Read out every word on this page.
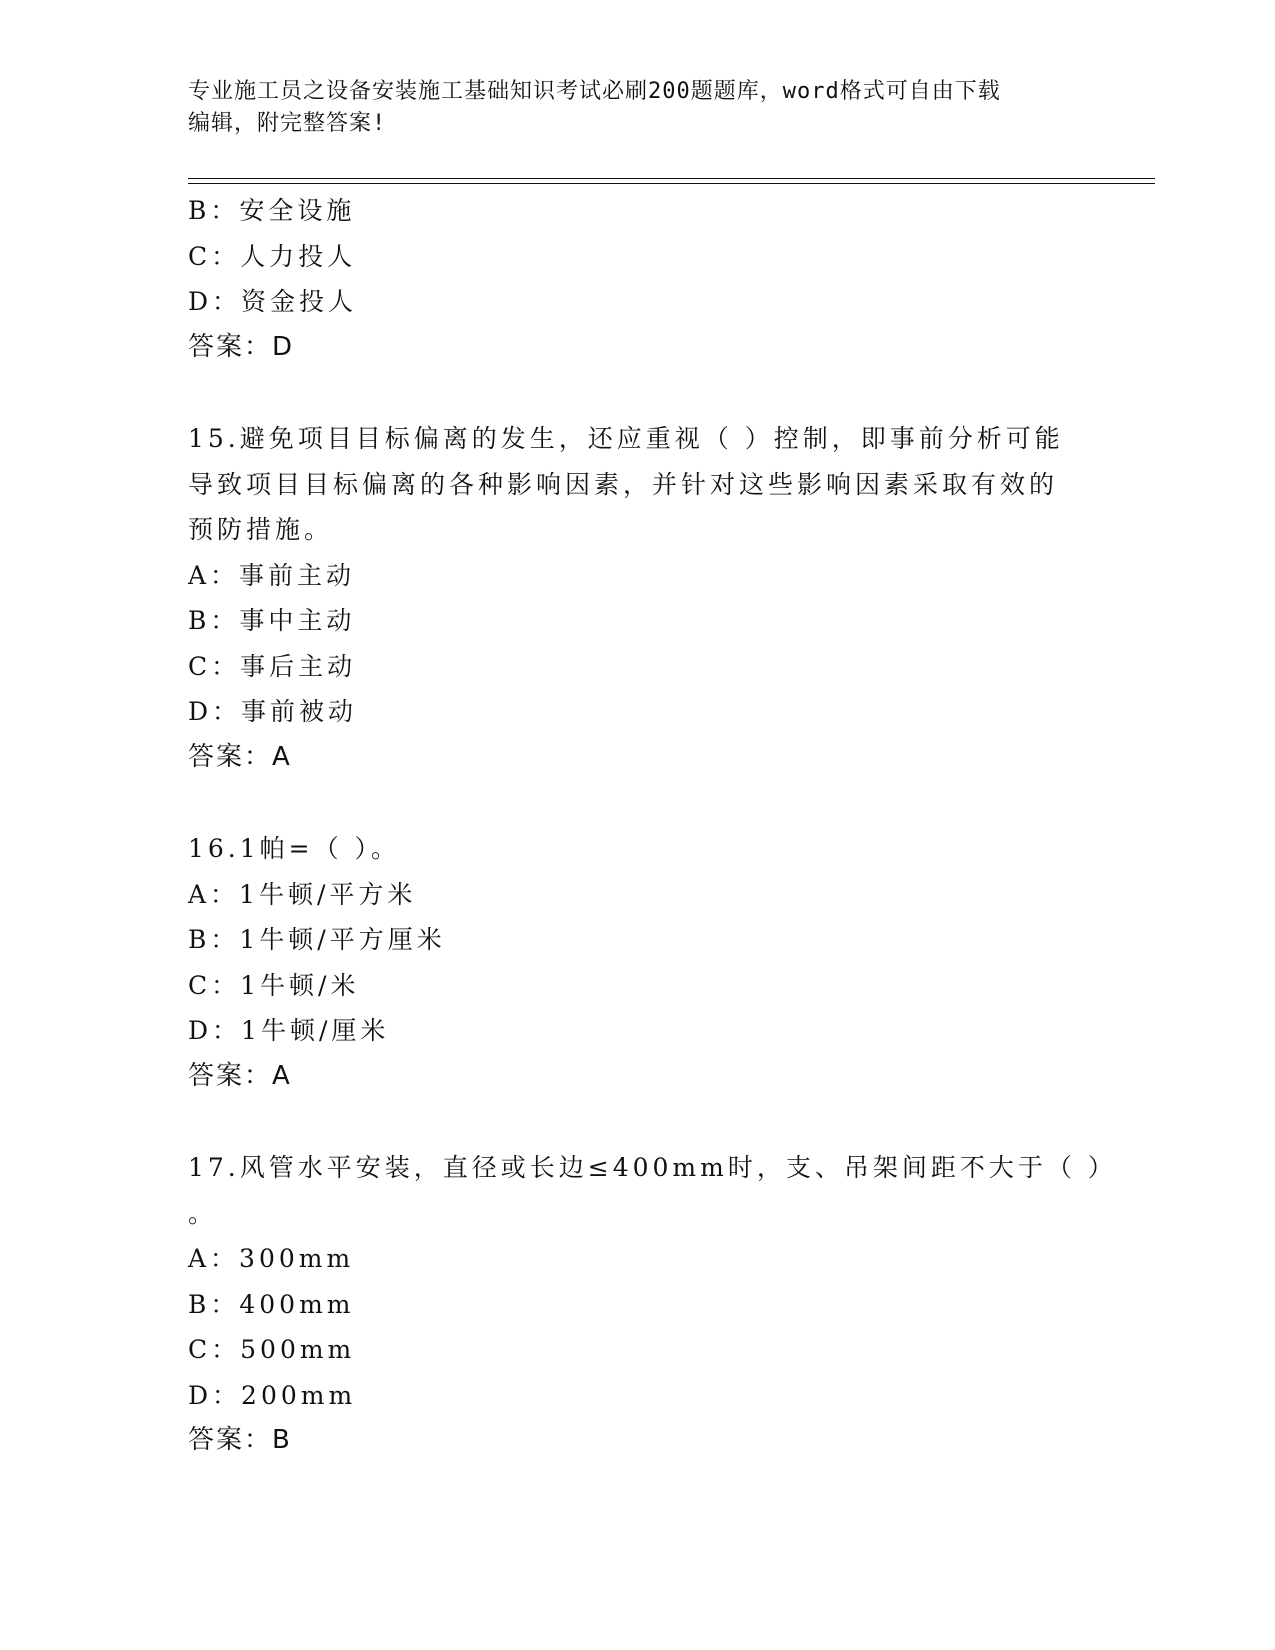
专业施工员之设备安装施工基础知识考试必刷200题题库，word格式可自由下载
编辑，附完整答案!
B：安全设施
C：人力投人
D：资金投人
答案：D
15.避免项目目标偏离的发生，还应重视（ ）控制，即事前分析可能
导致项目目标偏离的各种影响因素，并针对这些影响因素采取有效的
预防措施。
A：事前主动
B：事中主动
C：事后主动
D：事前被动
答案：A
16.1帕=（ ）。
A：1牛顿/平方米
B：1牛顿/平方厘米
C：1牛顿/米
D：1牛顿/厘米
答案：A
17.风管水平安装，直径或长边≤400mm时，支、吊架间距不大于（ ）
。
A：300mm
B：400mm
C：500mm
D：200mm
答案：B
